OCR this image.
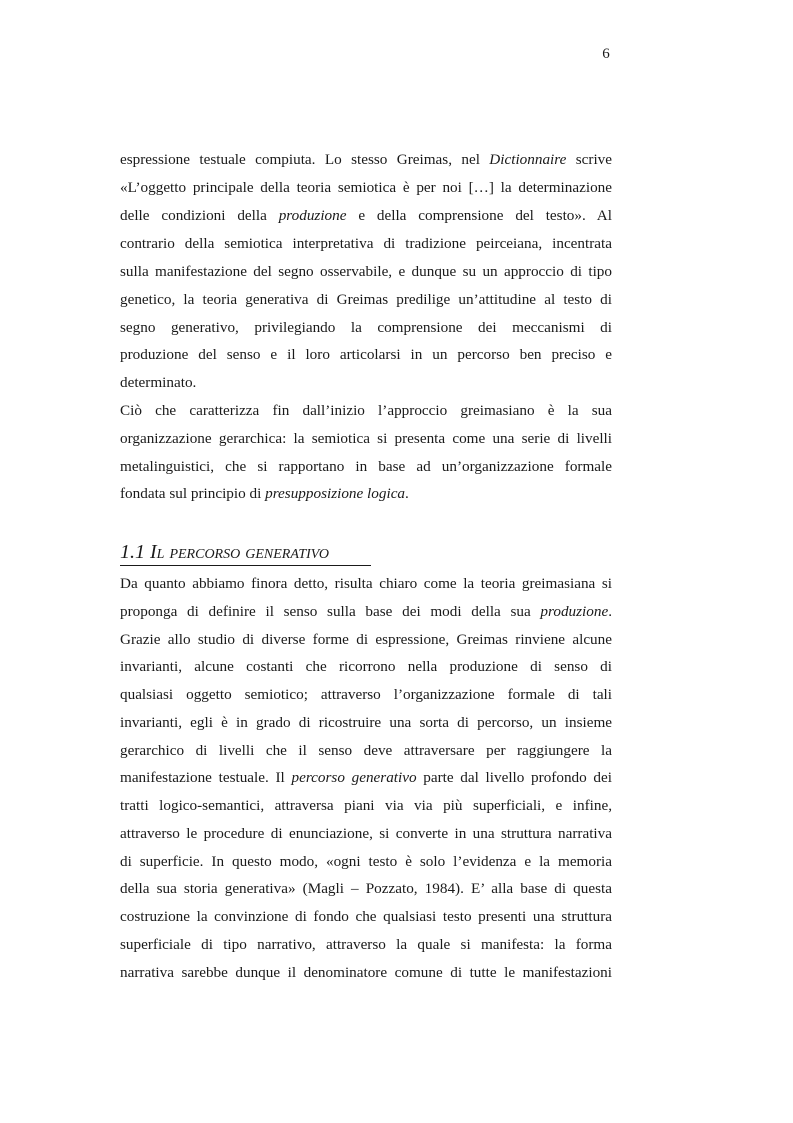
6
espressione testuale compiuta. Lo stesso Greimas, nel Dictionnaire scrive
«L’oggetto principale della teoria semiotica è per noi […] la determinazione
delle condizioni della produzione e della comprensione del testo». Al
contrario della semiotica interpretativa di tradizione peirceiana, incentrata
sulla manifestazione del segno osservabile, e dunque su un approccio di tipo
genetico, la teoria generativa di Greimas predilige un’attitudine al testo di
segno generativo, privilegiando la comprensione dei meccanismi di
produzione del senso e il loro articolarsi in un percorso ben preciso e
determinato.
Ciò che caratterizza fin dall’inizio l’approccio greimasiano è la sua
organizzazione gerarchica: la semiotica si presenta come una serie di livelli
metalinguistici, che si rapportano in base ad un’organizzazione formale
fondata sul principio di presupposizione logica.
1.1 Il percorso generativo
Da quanto abbiamo finora detto, risulta chiaro come la teoria greimasiana si
proponga di definire il senso sulla base dei modi della sua produzione.
Grazie allo studio di diverse forme di espressione, Greimas rinviene alcune
invarianti, alcune costanti che ricorrono nella produzione di senso di
qualsiasi oggetto semiotico; attraverso l’organizzazione formale di tali
invarianti, egli è in grado di ricostruire una sorta di percorso, un insieme
gerarchico di livelli che il senso deve attraversare per raggiungere la
manifestazione testuale. Il percorso generativo parte dal livello profondo dei
tratti logico-semantici, attraversa piani via via più superficiali, e infine,
attraverso le procedure di enunciazione, si converte in una struttura narrativa
di superficie. In questo modo, «ogni testo è solo l’evidenza e la memoria
della sua storia generativa» (Magli – Pozzato, 1984). E’ alla base di questa
costruzione la convinzione di fondo che qualsiasi testo presenti una struttura
superficiale di tipo narrativo, attraverso la quale si manifesta: la forma
narrativa sarebbe dunque il denominatore comune di tutte le manifestazioni
